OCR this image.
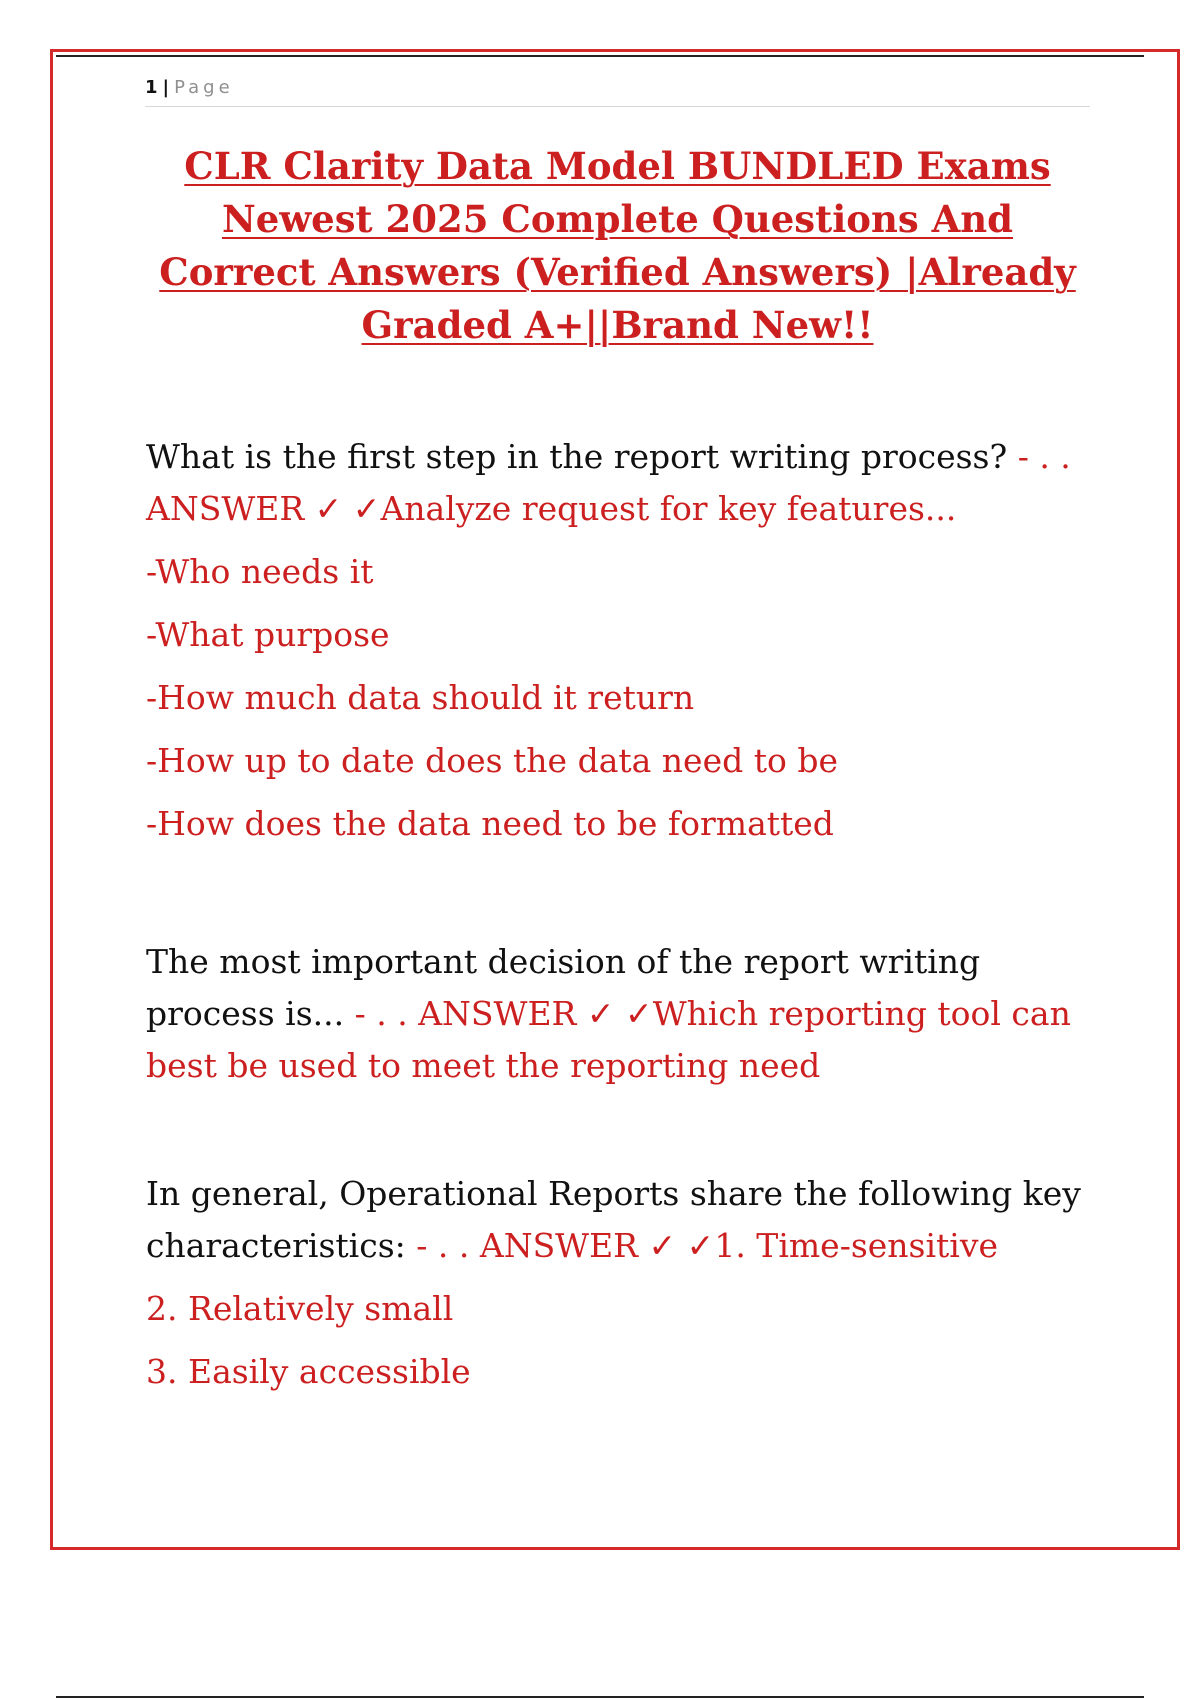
1 | Page
CLR Clarity Data Model BUNDLED Exams Newest 2025 Complete Questions And Correct Answers (Verified Answers) |Already Graded A+||Brand New!!
What is the first step in the report writing process? - . .
ANSWER ✓ ✓Analyze request for key features...
-Who needs it
-What purpose
-How much data should it return
-How up to date does the data need to be
-How does the data need to be formatted
The most important decision of the report writing process is... - . . ANSWER ✓ ✓Which reporting tool can best be used to meet the reporting need
In general, Operational Reports share the following key characteristics: - . . ANSWER ✓ ✓1. Time-sensitive
2. Relatively small
3. Easily accessible
